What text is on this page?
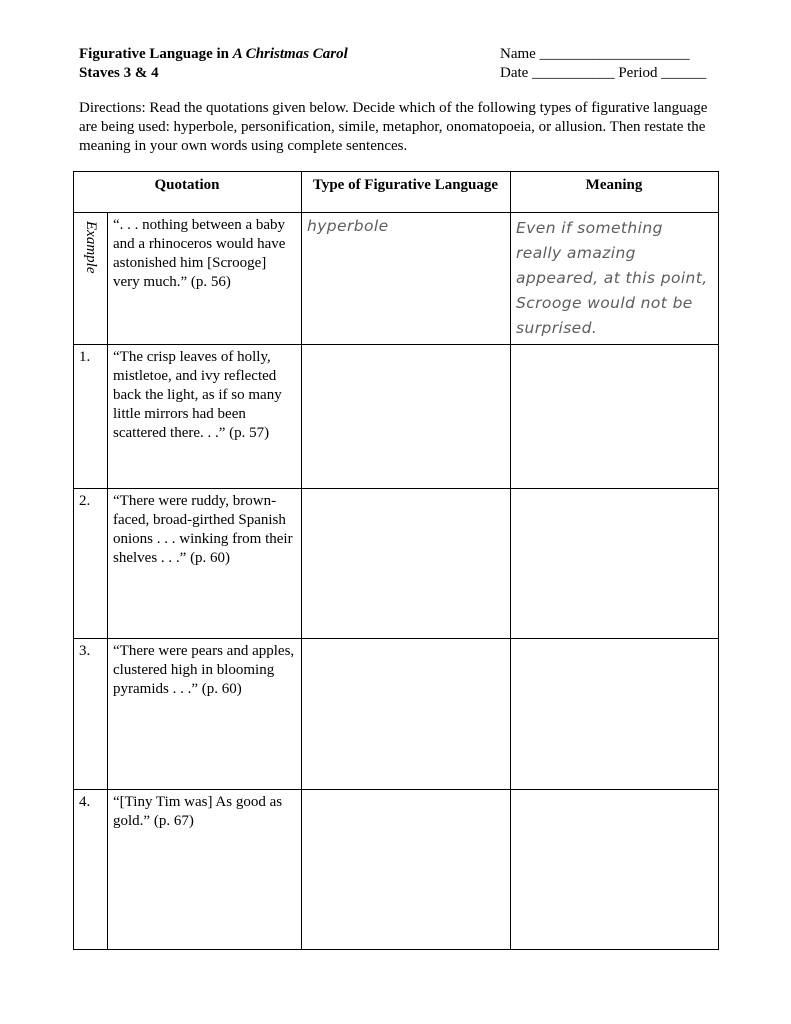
Figurative Language in A Christmas Carol
Staves 3 & 4
Name ____________________
Date ___________ Period ______
Directions: Read the quotations given below. Decide which of the following types of figurative language are being used: hyperbole, personification, simile, metaphor, onomatopoeia, or allusion. Then restate the meaning in your own words using complete sentences.
Quotation		Type of Figurative Language	Meaning

Example	“. . . nothing between a baby and a rhinoceros would have astonished him [Scrooge] very much.” (p. 56)	hyperbole	Even if something really amazing appeared, at this point, Scrooge would not be surprised.
1.	“The crisp leaves of holly, mistletoe, and ivy reflected back the light, as if so many little mirrors had been scattered there. . .” (p. 57)		
2.	“There were ruddy, brown-faced, broad-girthed Spanish onions . . . winking from their shelves . . .” (p. 60)		
3.	“There were pears and apples, clustered high in blooming pyramids . . .” (p. 60)		
4.	“[Tiny Tim was] As good as gold.” (p. 67)		
